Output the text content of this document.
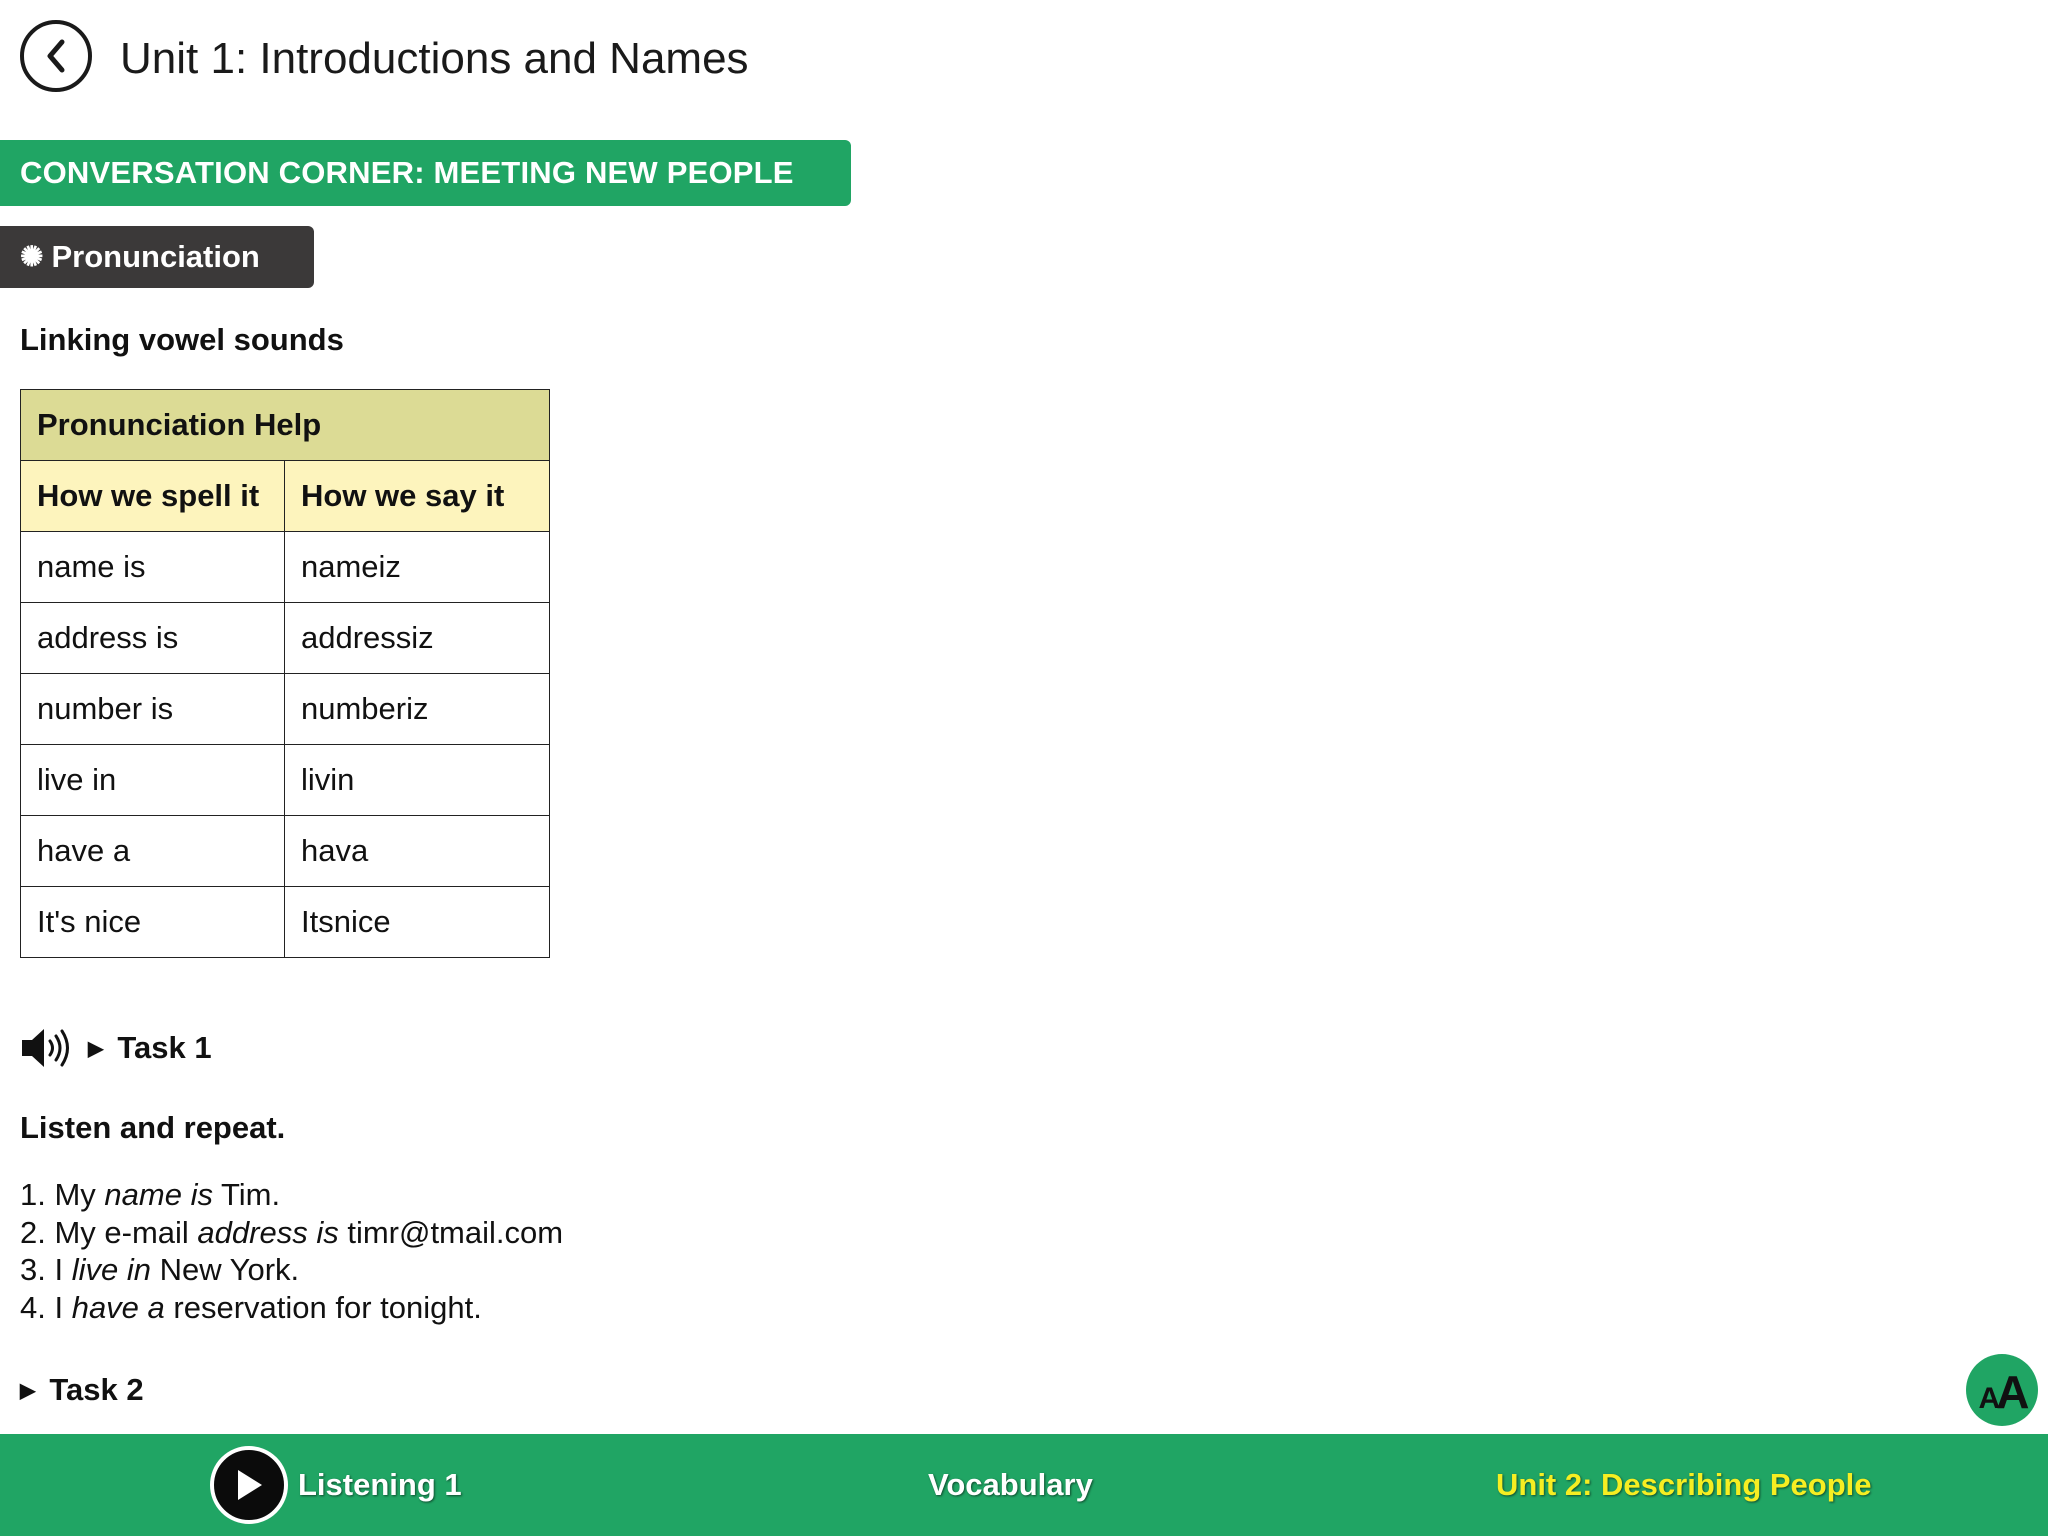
Unit 1: Introductions and Names
CONVERSATION CORNER: MEETING NEW PEOPLE
✺ Pronunciation
Linking vowel sounds
Pronunciation Help	
How we spell it	How we say it
name is	nameiz
address is	addressiz
number is	numberiz
live in	livin
have a	hava
It's nice	Itsnice
▶ Task 1
Listen and repeat.
1. My name is Tim.
2. My e-mail address is timr@tmail.com
3. I live in New York.
4. I have a reservation for tonight.
▶ Task 2	A A
Listening 1	Vocabulary	Unit 2: Describing People
